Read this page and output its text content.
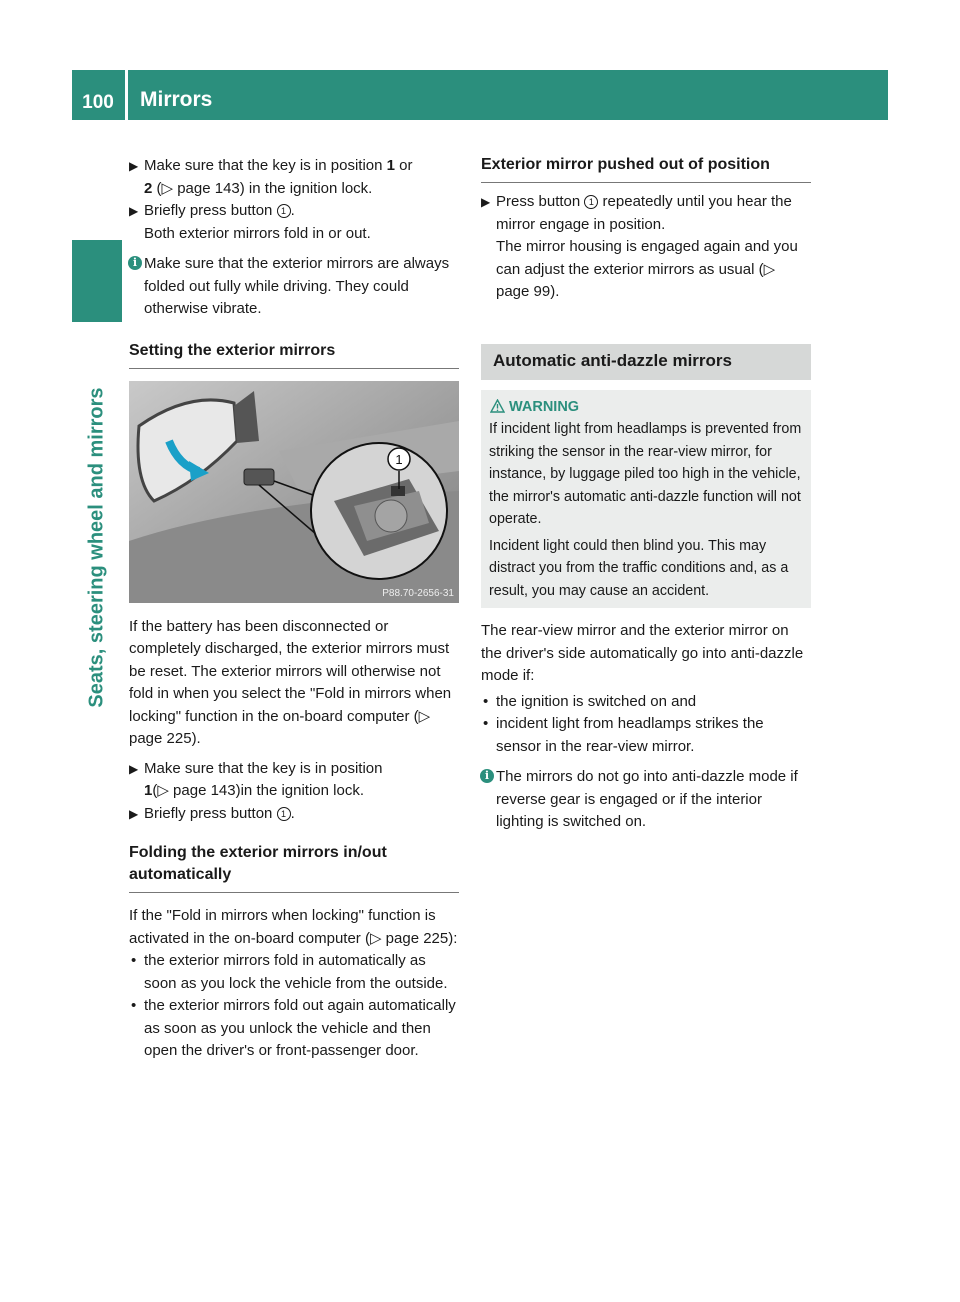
100	Mirrors
Seats, steering wheel and mirrors
▶ Make sure that the key is in position 1 or
2 (▷ page 143) in the ignition lock.
▶ Briefly press button 1 .
Both exterior mirrors fold in or out.
i Make sure that the exterior mirrors are always folded out fully while driving. They could otherwise vibrate.
Setting the exterior mirrors
1
P88.70-2656-31

If the battery has been disconnected or completely discharged, the exterior mirrors must be reset. The exterior mirrors will otherwise not fold in when you select the "Fold in mirrors when locking" function in the on-board computer (▷ page 225).

▶ Make sure that the key is in position
1(▷ page 143)in the ignition lock.
▶ Briefly press button 1 .
Folding the exterior mirrors in/out automatically

If the "Fold in mirrors when locking" function is activated in the on-board computer (▷ page 225):

• the exterior mirrors fold in automatically as soon as you lock the vehicle from the outside.
• the exterior mirrors fold out again automatically as soon as you unlock the vehicle and then open the driver's or front-passenger door.
Exterior mirror pushed out of position
▶ Press button 1 repeatedly until you hear the mirror engage in position.
The mirror housing is engaged again and you can adjust the exterior mirrors as usual (▷ page 99).
Automatic anti-dazzle mirrors
WARNING

If incident light from headlamps is prevented from striking the sensor in the rear-view mirror, for instance, by luggage piled too high in the vehicle, the mirror's automatic anti-dazzle function will not operate.

Incident light could then blind you. This may distract you from the traffic conditions and, as a result, you may cause an accident.

The rear-view mirror and the exterior mirror on the driver's side automatically go into anti-dazzle mode if:

• the ignition is switched on and
• incident light from headlamps strikes the sensor in the rear-view mirror.
i The mirrors do not go into anti-dazzle mode if reverse gear is engaged or if the interior lighting is switched on.
